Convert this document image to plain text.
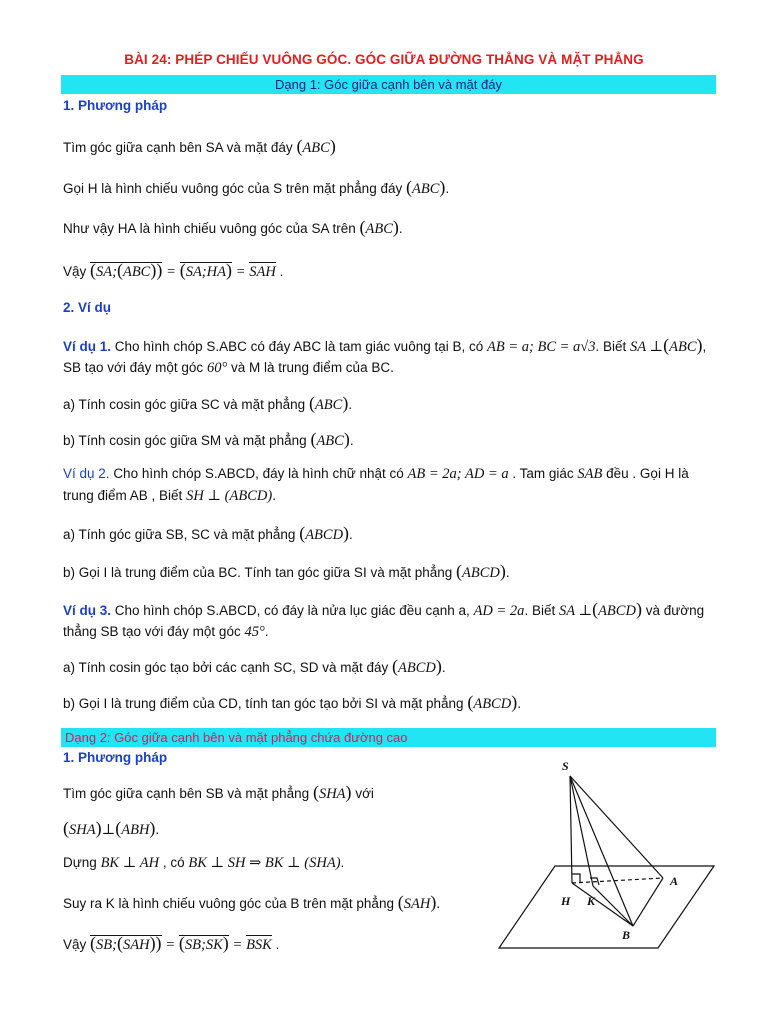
BÀI 24: PHÉP CHIẾU VUÔNG GÓC. GÓC GIỮA ĐƯỜNG THẲNG VÀ MẶT PHẲNG
Dạng 1: Góc giữa cạnh bên và mặt đáy
1. Phương pháp
Tìm góc giữa cạnh bên SA và mặt đáy (ABC)
Gọi H là hình chiếu vuông góc của S trên mặt phẳng đáy (ABC).
Như vậy HA là hình chiếu vuông góc của SA trên (ABC).
Vậy (SA;(ABC)) = (SA;HA) = SAH .
2. Ví dụ
Ví dụ 1. Cho hình chóp S.ABC có đáy ABC là tam giác vuông tại B, có AB = a; BC = a√3. Biết SA ⊥(ABC),
SB tạo với đáy một góc 60° và M là trung điểm của BC.
a) Tính cosin góc giữa SC và mặt phẳng (ABC).
b) Tính cosin góc giữa SM và mặt phẳng (ABC).
Ví dụ 2. Cho hình chóp S.ABCD, đáy là hình chữ nhật có AB = 2a; AD = a . Tam giác SAB đều . Gọi H là
trung điểm AB , Biết SH ⊥ (ABCD).
a) Tính góc giữa SB, SC và mặt phẳng (ABCD).
b) Gọi I là trung điểm của BC. Tính tan góc giữa SI và mặt phẳng (ABCD).
Ví dụ 3. Cho hình chóp S.ABCD, có đáy là nửa lục giác đều cạnh a, AD = 2a. Biết SA ⊥(ABCD) và đường
thẳng SB tạo với đáy một góc 45°.
a) Tính cosin góc tạo bởi các cạnh SC, SD và mặt đáy (ABCD).
b) Gọi I là trung điểm của CD, tính tan góc tạo bởi SI và mặt phẳng (ABCD).
Dạng 2: Góc giữa cạnh bên và mặt phẳng chứa đường cao
1. Phương pháp
Tìm góc giữa cạnh bên SB và mặt phẳng (SHA) với
(SHA)⊥(ABH).
Dựng BK ⊥ AH , có BK ⊥ SH ⇒ BK ⊥ (SHA).
Suy ra K là hình chiếu vuông góc của B trên mặt phẳng (SAH).
Vậy (SB;(SAH)) = (SB;SK) = BSK .
S
H K
A
B
